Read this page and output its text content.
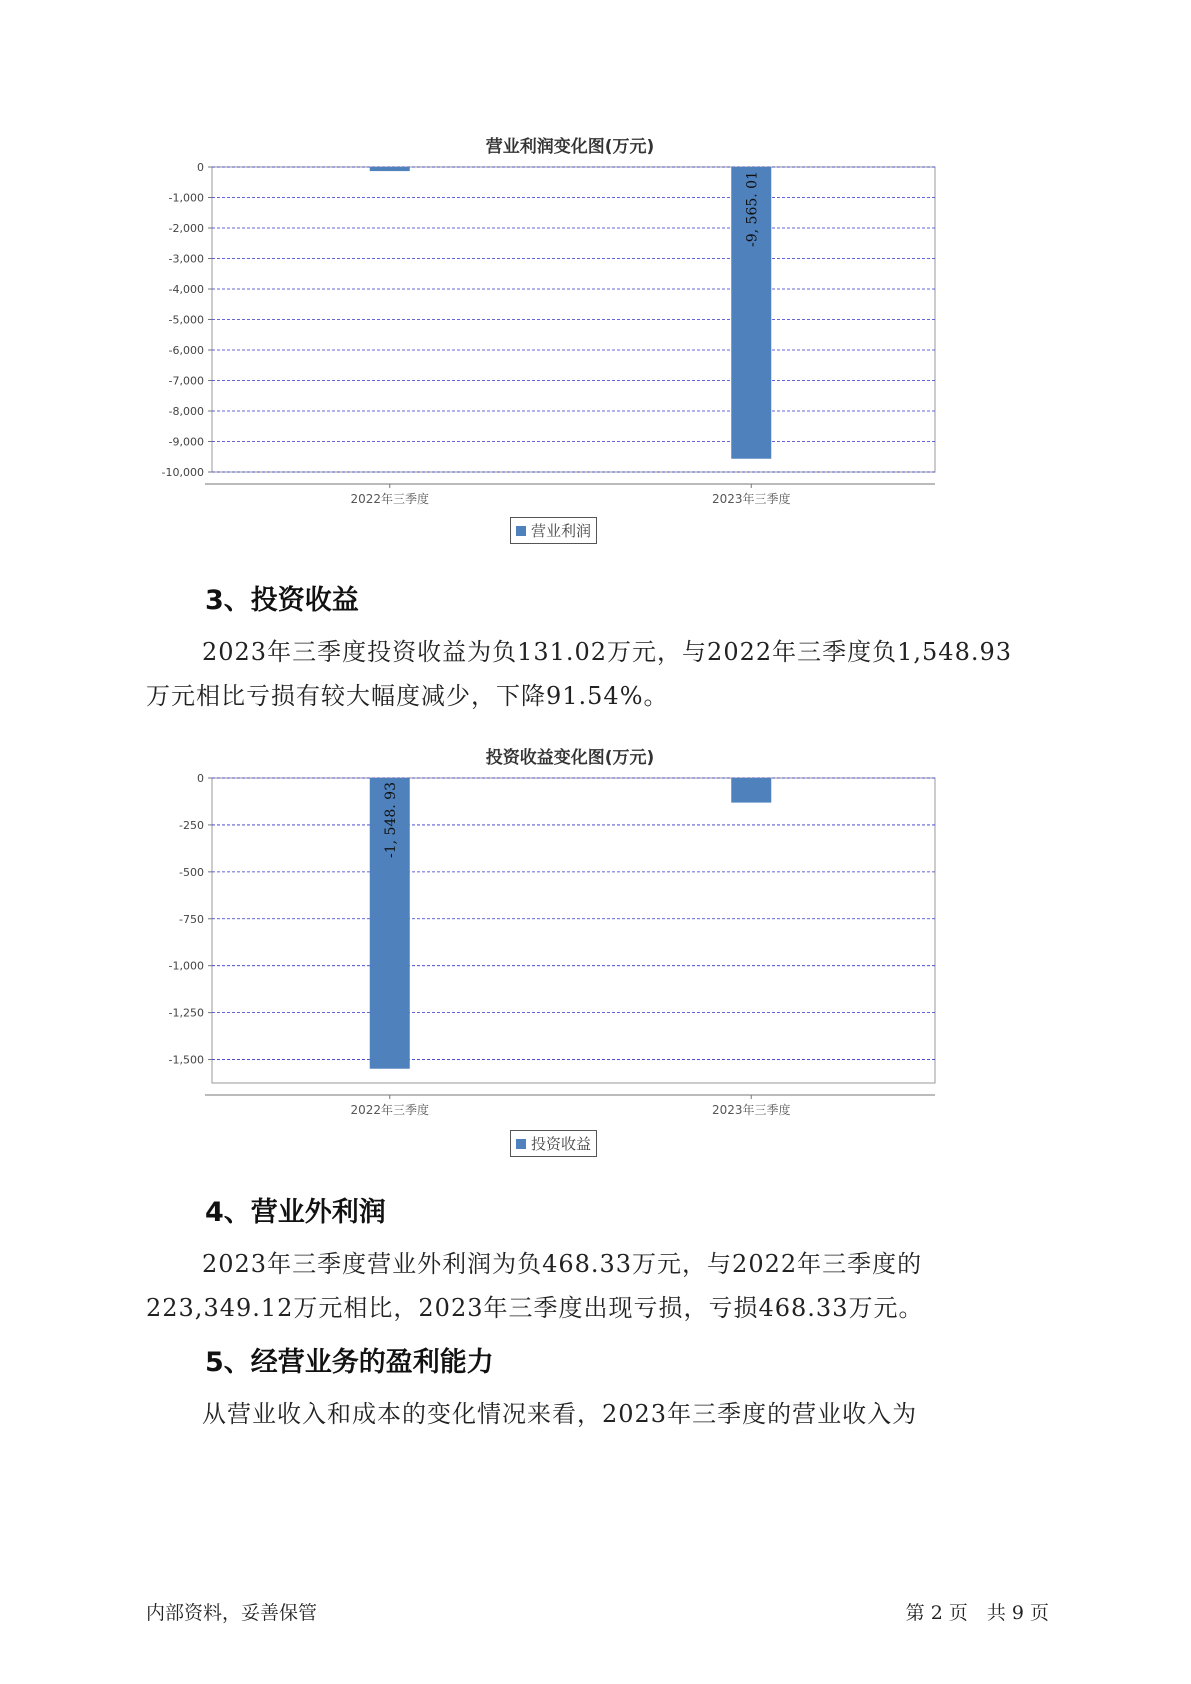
营业利润变化图(万元)
0
-1,000
-2,000
-3,000
-4,000
-5,000
-6,000
-7,000
-8,000
-9,000
-10,000
2022年三季度	2023年三季度
-9, 565. 01
营业利润
3、投资收益
2023年三季度投资收益为负131.02万元，与2022年三季度负1,548.93
万元相比亏损有较大幅度减少，下降91.54%。
投资收益变化图(万元)
0
-250
-500
-750
-1,000
-1,250
-1,500
2022年三季度
-1, 548. 93
2023年三季度
投资收益
4、营业外利润
2023年三季度营业外利润为负468.33万元，与2022年三季度的
223,349.12万元相比，2023年三季度出现亏损，亏损468.33万元。
5、经营业务的盈利能力
从营业收入和成本的变化情况来看，2023年三季度的营业收入为
内部资料，妥善保管	第 2 页　共 9 页
